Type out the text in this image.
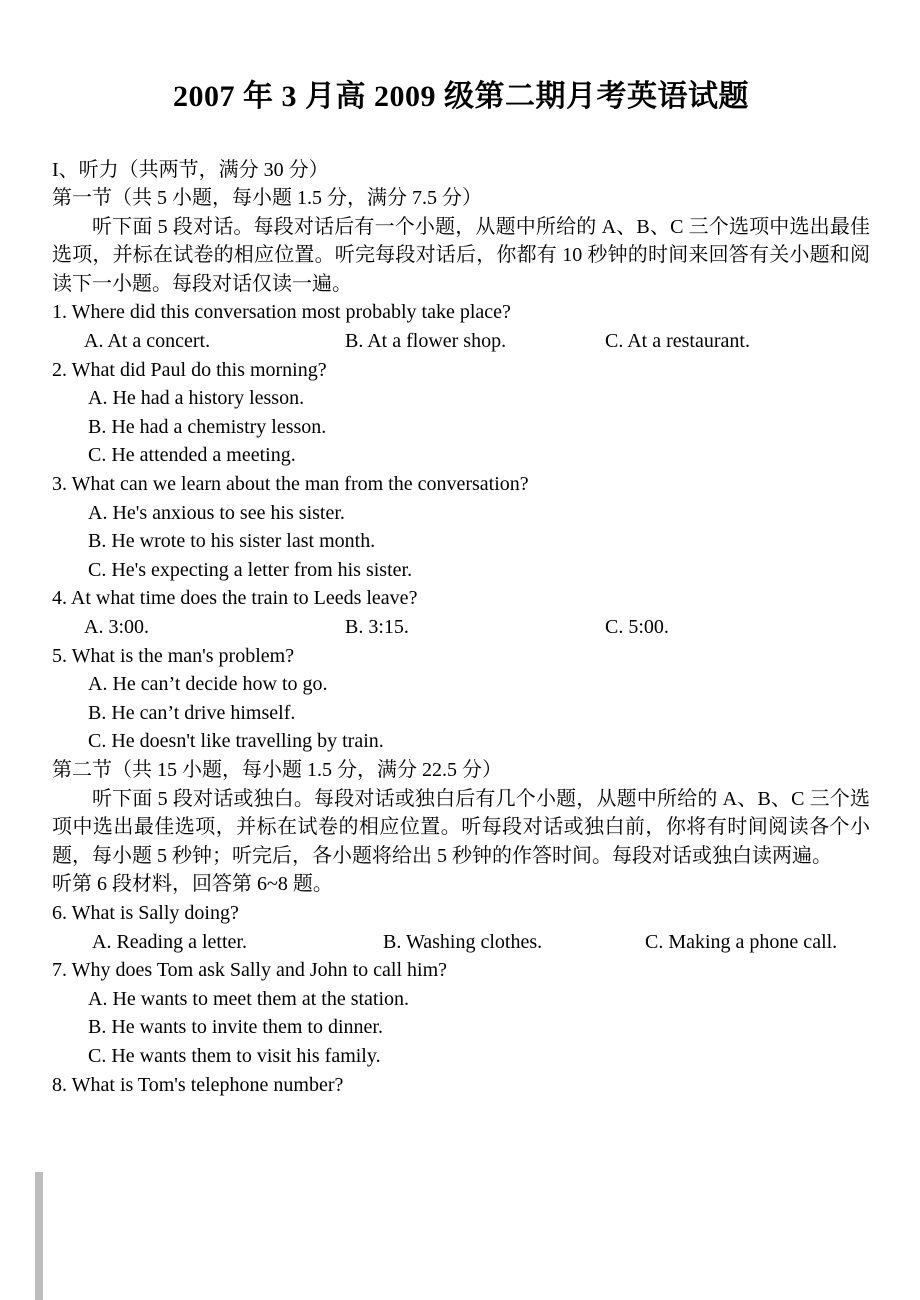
2007 年 3 月高 2009 级第二期月考英语试题
I、听力（共两节，满分 30 分）
第一节（共 5 小题，每小题 1.5 分，满分 7.5 分）
听下面 5 段对话。每段对话后有一个小题，从题中所给的 A、B、C 三个选项中选出最佳选项，并标在试卷的相应位置。听完每段对话后，你都有 10 秒钟的时间来回答有关小题和阅读下一小题。每段对话仅读一遍。
1. Where did this conversation most probably take place?
A. At a concert.	B. At a flower shop.	C. At a restaurant.
2. What did Paul do this morning?
A. He had a history lesson.
B. He had a chemistry lesson.
C. He attended a meeting.
3. What can we learn about the man from the conversation?
A. He's anxious to see his sister.
B. He wrote to his sister last month.
C. He's expecting a letter from his sister.
4. At what time does the train to Leeds leave?
A. 3:00.	B. 3:15.	C. 5:00.
5. What is the man's problem?
A. He can’t decide how to go.
B. He can’t drive himself.
C. He doesn't like travelling by train.
第二节（共 15 小题，每小题 1.5 分，满分 22.5 分）
听下面 5 段对话或独白。每段对话或独白后有几个小题，从题中所给的 A、B、C 三个选项中选出最佳选项，并标在试卷的相应位置。听每段对话或独白前，你将有时间阅读各个小题，每小题 5 秒钟；听完后，各小题将给出 5 秒钟的作答时间。每段对话或独白读两遍。
听第 6 段材料，回答第 6~8 题。
6. What is Sally doing?
A. Reading a letter.	B. Washing clothes.	C. Making a phone call.
7. Why does Tom ask Sally and John to call him?
A. He wants to meet them at the station.
B. He wants to invite them to dinner.
C. He wants them to visit his family.
8. What is Tom's telephone number?
